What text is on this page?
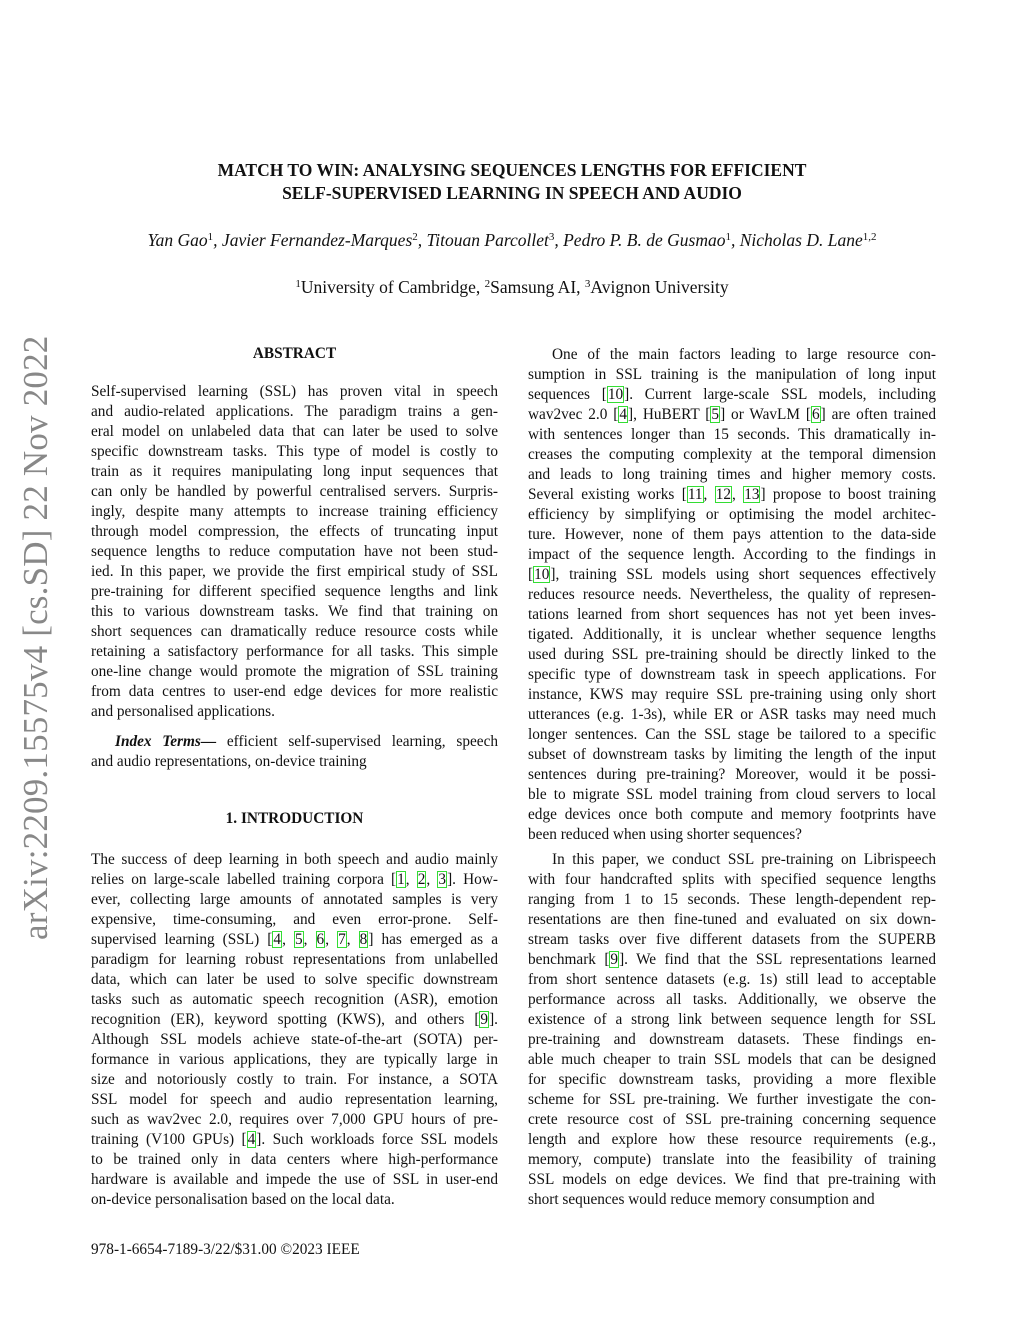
MATCH TO WIN: ANALYSING SEQUENCES LENGTHS FOR EFFICIENT
SELF-SUPERVISED LEARNING IN SPEECH AND AUDIO
Yan Gao$^1$, Javier Fernandez-Marques$^2$, Titouan Parcollet$^3$, Pedro P. B. de Gusmao$^1$, Nicholas D. Lane$^{1,2}$
$^1$University of Cambridge, $^2$Samsung AI, $^3$Avignon University
arXiv:2209.15575v4 [cs.SD] 22 Nov 2022	ABSTRACT
Self-supervised learning (SSL) has proven vital in speech
and audio-related applications. The paradigm trains a gen-
eral model on unlabeled data that can later be used to solve
specific downstream tasks. This type of model is costly to
train as it requires manipulating long input sequences that
can only be handled by powerful centralised servers. Surpris-
ingly, despite many attempts to increase training efficiency
through model compression, the effects of truncating input
sequence lengths to reduce computation have not been stud-
ied. In this paper, we provide the first empirical study of SSL
pre-training for different specified sequence lengths and link
this to various downstream tasks. We find that training on
short sequences can dramatically reduce resource costs while
retaining a satisfactory performance for all tasks. This simple
one-line change would promote the migration of SSL training
from data centres to user-end edge devices for more realistic
and personalised applications.
Index Terms— efficient self-supervised learning, speech
and audio representations, on-device training
1. INTRODUCTION
The success of deep learning in both speech and audio mainly
relies on large-scale labelled training corpora [1, 2, 3]. How-
ever, collecting large amounts of annotated samples is very
expensive, time-consuming, and even error-prone. Self-
supervised learning (SSL) [4, 5, 6, 7, 8] has emerged as a
paradigm for learning robust representations from unlabelled
data, which can later be used to solve specific downstream
tasks such as automatic speech recognition (ASR), emotion
recognition (ER), keyword spotting (KWS), and others [9].
Although SSL models achieve state-of-the-art (SOTA) per-
formance in various applications, they are typically large in
size and notoriously costly to train. For instance, a SOTA
SSL model for speech and audio representation learning,
such as wav2vec 2.0, requires over 7,000 GPU hours of pre-
training (V100 GPUs) [4]. Such workloads force SSL models
to be trained only in data centers where high-performance
hardware is available and impede the use of SSL in user-end
on-device personalisation based on the local data.
One of the main factors leading to large resource con-
sumption in SSL training is the manipulation of long input
sequences [10]. Current large-scale SSL models, including
wav2vec 2.0 [4], HuBERT [5] or WavLM [6] are often trained
with sentences longer than 15 seconds. This dramatically in-
creases the computing complexity at the temporal dimension
and leads to long training times and higher memory costs.
Several existing works [11, 12, 13] propose to boost training
efficiency by simplifying or optimising the model architec-
ture. However, none of them pays attention to the data-side
impact of the sequence length. According to the findings in
[10], training SSL models using short sequences effectively
reduces resource needs. Nevertheless, the quality of represen-
tations learned from short sequences has not yet been inves-
tigated. Additionally, it is unclear whether sequence lengths
used during SSL pre-training should be directly linked to the
specific type of downstream task in speech applications. For
instance, KWS may require SSL pre-training using only short
utterances (e.g. 1-3s), while ER or ASR tasks may need much
longer sentences. Can the SSL stage be tailored to a specific
subset of downstream tasks by limiting the length of the input
sentences during pre-training? Moreover, would it be possi-
ble to migrate SSL model training from cloud servers to local
edge devices once both compute and memory footprints have
been reduced when using shorter sequences?
In this paper, we conduct SSL pre-training on Librispeech
with four handcrafted splits with specified sequence lengths
ranging from 1 to 15 seconds. These length-dependent rep-
resentations are then fine-tuned and evaluated on six down-
stream tasks over five different datasets from the SUPERB
benchmark [9]. We find that the SSL representations learned
from short sentence datasets (e.g. 1s) still lead to acceptable
performance across all tasks. Additionally, we observe the
existence of a strong link between sequence length for SSL
pre-training and downstream datasets. These findings en-
able much cheaper to train SSL models that can be designed
for specific downstream tasks, providing a more flexible
scheme for SSL pre-training. We further investigate the con-
crete resource cost of SSL pre-training concerning sequence
length and explore how these resource requirements (e.g.,
memory, compute) translate into the feasibility of training
SSL models on edge devices. We find that pre-training with
short sequences would reduce memory consumption and
978-1-6654-7189-3/22/$31.00 ©2023 IEEE
